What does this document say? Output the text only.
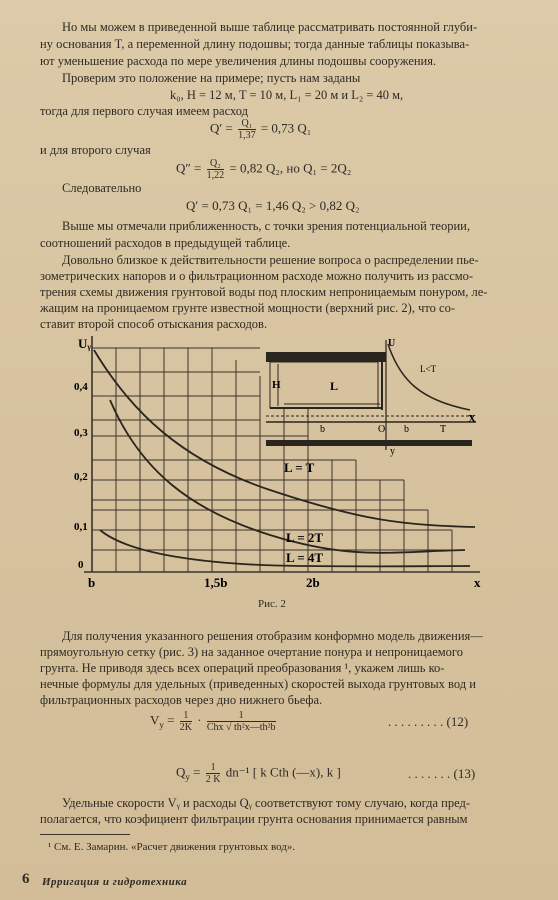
Но мы можем в приведенной выше таблице рассматривать постоянной глуби-
ну основания T, а переменной длину подошвы; тогда данные таблицы показыва-
ют уменьшение расхода по мере увеличения длины подошвы сооружения.
Проверим это положение на примере; пусть нам заданы
k₀, H = 12 м, T = 10 м, L₁ = 20 м и L₂ = 40 м,
тогда для первого случая имеем расход
$Q' = \frac{\text{Q₁}}{1,37} = 0,73$ Q₁
и для второго случая
$Q'' = \frac{\text{Q₂}}{1,22} = 0,82$ Q₂, но Q₁ = 2Q₂
Следовательно
Q′ = 0,73 Q₁ = 1,46 Q₂ > 0,82 Q₂
Выше мы отмечали приближенность, с точки зрения потенциальной теории,
соотношений расходов в предыдущей таблице.
Довольно близкое к действительности решение вопроса о распределении пье-
зометрических напоров и о фильтрационном расходе можно получить из рассмо-
трения схемы движения грунтовой воды под плоским непроницаемым понуром, ле-
жащим на проницаемом грунте известной мощности (верхний рис. 2), что со-
ставит второй способ отыскания расходов.
Uᵧ
0,4
0,3
0,2
0,1
0
b	1,5b	2b	x
L = T
L = 2T
L = 4T
H	L
U
b	O b	T
X
y
L<T
Рис. 2
Для получения указанного решения отобразим конформно модель движения—
прямоугольную сетку (рис. 3) на заданное очертание понура и непроницаемого
грунта. Не приводя здесь всех операций преобразования ¹, укажем лишь ко-
нечные формулы для удельных (приведенных) скоростей выхода грунтовых вод и
фильтрационных расходов через дно нижнего бьефа.
$V_y = \frac{1}{2K} \cdot \frac{1}{\text{Chx √ th²x—th²b}}$	. . . . . . . . . (12)
$Q_y = \frac{1}{2 K} dn^{-1}$ [ k Cth (—x), k ]	. . . . . . . (13)
Удельные скорости Vᵧ и расходы Qᵧ соответствуют тому случаю, когда пред-
полагается, что коэфициент фильтрации грунта основания принимается равным
¹ См. Е. Замарин. «Расчет движения грунтовых вод».
6 Ирригация и гидротехника
